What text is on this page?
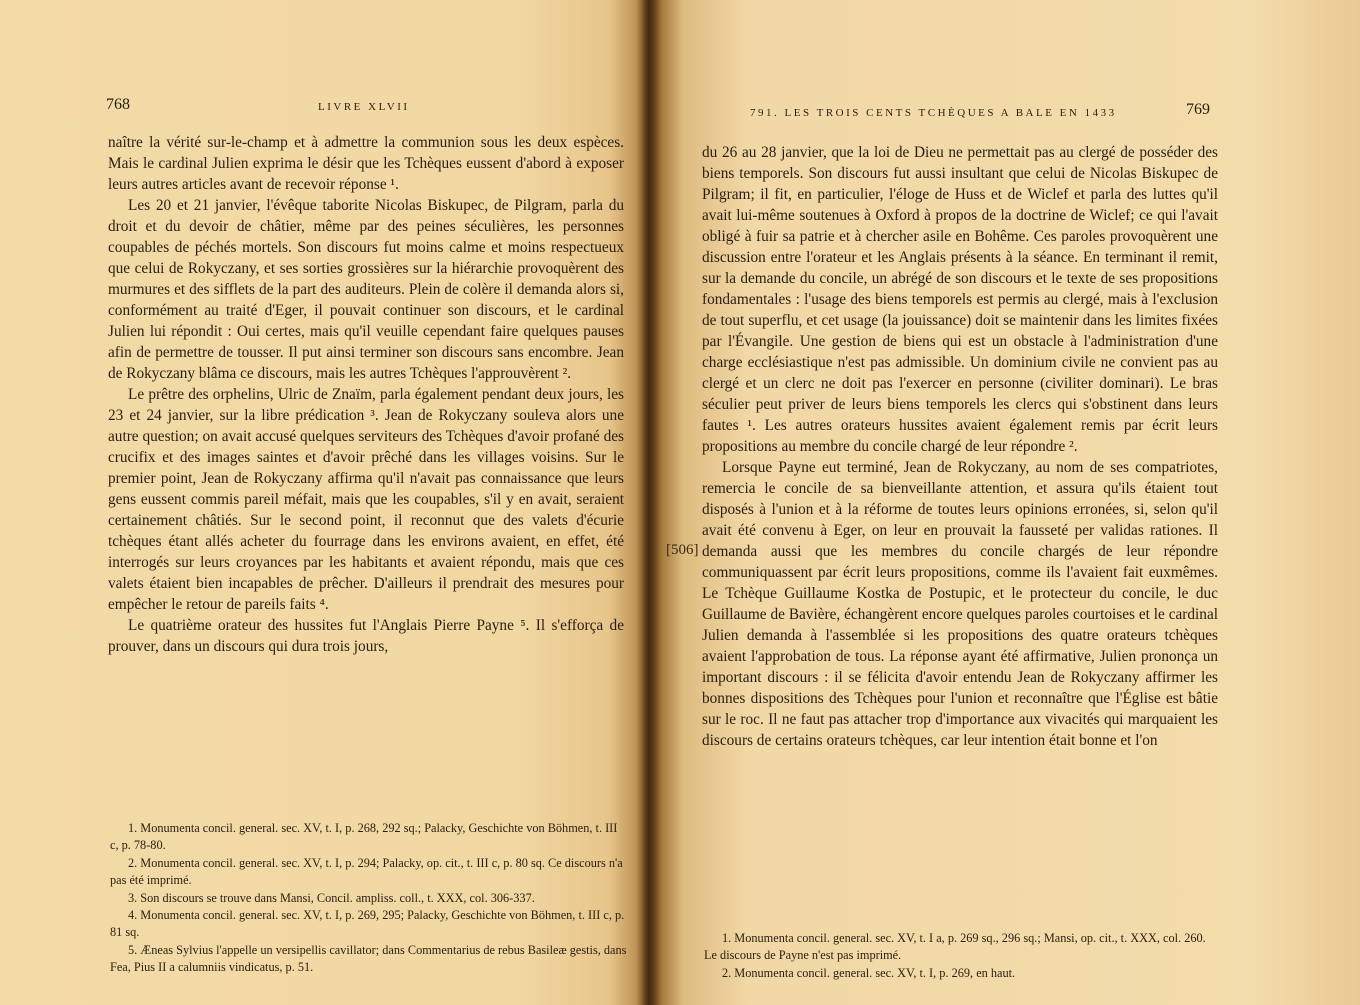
768	LIVRE XLVII

naître la vérité sur-le-champ et à admettre la communion sous les deux espèces. Mais le cardinal Julien exprima le désir que les Tchèques eussent d'abord à exposer leurs autres articles avant de recevoir réponse ¹.

Les 20 et 21 janvier, l'évêque taborite Nicolas Biskupec, de Pilgram, parla du droit et du devoir de châtier, même par des peines séculières, les personnes coupables de péchés mortels. Son discours fut moins calme et moins respectueux que celui de Rokyczany, et ses sorties grossières sur la hiérarchie provoquèrent des murmures et des sifflets de la part des auditeurs. Plein de colère il demanda alors si, conformément au traité d'Eger, il pouvait continuer son discours, et le cardinal Julien lui répondit : Oui certes, mais qu'il veuille cependant faire quelques pauses afin de permettre de tousser. Il put ainsi terminer son discours sans encombre. Jean de Rokyczany blâma ce discours, mais les autres Tchèques l'approuvèrent ².

Le prêtre des orphelins, Ulric de Znaïm, parla également pendant deux jours, les 23 et 24 janvier, sur la libre prédication ³. Jean de Rokyczany souleva alors une autre question; on avait accusé quelques serviteurs des Tchèques d'avoir profané des crucifix et des images saintes et d'avoir prêché dans les villages voisins. Sur le premier point, Jean de Rokyczany affirma qu'il n'avait pas connaissance que leurs gens eussent commis pareil méfait, mais que les coupables, s'il y en avait, seraient certainement châtiés. Sur le second point, il reconnut que des valets d'écurie tchèques étant allés acheter du fourrage dans les environs avaient, en effet, été interrogés sur leurs croyances par les habitants et avaient répondu, mais que ces valets étaient bien incapables de prêcher. D'ailleurs il prendrait des mesures pour empêcher le retour de pareils faits ⁴.

Le quatrième orateur des hussites fut l'Anglais Pierre Payne ⁵. Il s'efforça de prouver, dans un discours qui dura trois jours,

1. Monumenta concil. general. sec. XV, t. I, p. 268, 292 sq.; Palacky, Geschichte von Böhmen, t. III c, p. 78-80.

2. Monumenta concil. general. sec. XV, t. I, p. 294; Palacky, op. cit., t. III c, p. 80 sq. Ce discours n'a pas été imprimé.

3. Son discours se trouve dans Mansi, Concil. ampliss. coll., t. XXX, col. 306-337.

4. Monumenta concil. general. sec. XV, t. I, p. 269, 295; Palacky, Geschichte von Böhmen, t. III c, p. 81 sq.

5. Æneas Sylvius l'appelle un versipellis cavillator; dans Commentarius de rebus Basileæ gestis, dans Fea, Pius II a calumniis vindicatus, p. 51.

791. LES TROIS CENTS TCHÈQUES A BALE EN 1433	769
[506]

du 26 au 28 janvier, que la loi de Dieu ne permettait pas au clergé de posséder des biens temporels. Son discours fut aussi insultant que celui de Nicolas Biskupec de Pilgram; il fit, en particulier, l'éloge de Huss et de Wiclef et parla des luttes qu'il avait lui-même soutenues à Oxford à propos de la doctrine de Wiclef; ce qui l'avait obligé à fuir sa patrie et à chercher asile en Bohême. Ces paroles provoquèrent une discussion entre l'orateur et les Anglais présents à la séance. En terminant il remit, sur la demande du concile, un abrégé de son discours et le texte de ses propositions fondamentales : l'usage des biens temporels est permis au clergé, mais à l'exclusion de tout superflu, et cet usage (la jouissance) doit se maintenir dans les limites fixées par l'Évangile. Une gestion de biens qui est un obstacle à l'administration d'une charge ecclésiastique n'est pas admissible. Un dominium civile ne convient pas au clergé et un clerc ne doit pas l'exercer en personne (civiliter dominari). Le bras séculier peut priver de leurs biens temporels les clercs qui s'obstinent dans leurs fautes ¹. Les autres orateurs hussites avaient également remis par écrit leurs propositions au membre du concile chargé de leur répondre ².

Lorsque Payne eut terminé, Jean de Rokyczany, au nom de ses compatriotes, remercia le concile de sa bienveillante attention, et assura qu'ils étaient tout disposés à l'union et à la réforme de toutes leurs opinions erronées, si, selon qu'il avait été convenu à Eger, on leur en prouvait la fausseté per validas rationes. Il demanda aussi que les membres du concile chargés de leur répondre communiquassent par écrit leurs propositions, comme ils l'avaient fait euxmêmes. Le Tchèque Guillaume Kostka de Postupic, et le protecteur du concile, le duc Guillaume de Bavière, échangèrent encore quelques paroles courtoises et le cardinal Julien demanda à l'assemblée si les propositions des quatre orateurs tchèques avaient l'approbation de tous. La réponse ayant été affirmative, Julien prononça un important discours : il se félicita d'avoir entendu Jean de Rokyczany affirmer les bonnes dispositions des Tchèques pour l'union et reconnaître que l'Église est bâtie sur le roc. Il ne faut pas attacher trop d'importance aux vivacités qui marquaient les discours de certains orateurs tchèques, car leur intention était bonne et l'on

1. Monumenta concil. general. sec. XV, t. I a, p. 269 sq., 296 sq.; Mansi, op. cit., t. XXX, col. 260. Le discours de Payne n'est pas imprimé.

2. Monumenta concil. general. sec. XV, t. I, p. 269, en haut.
